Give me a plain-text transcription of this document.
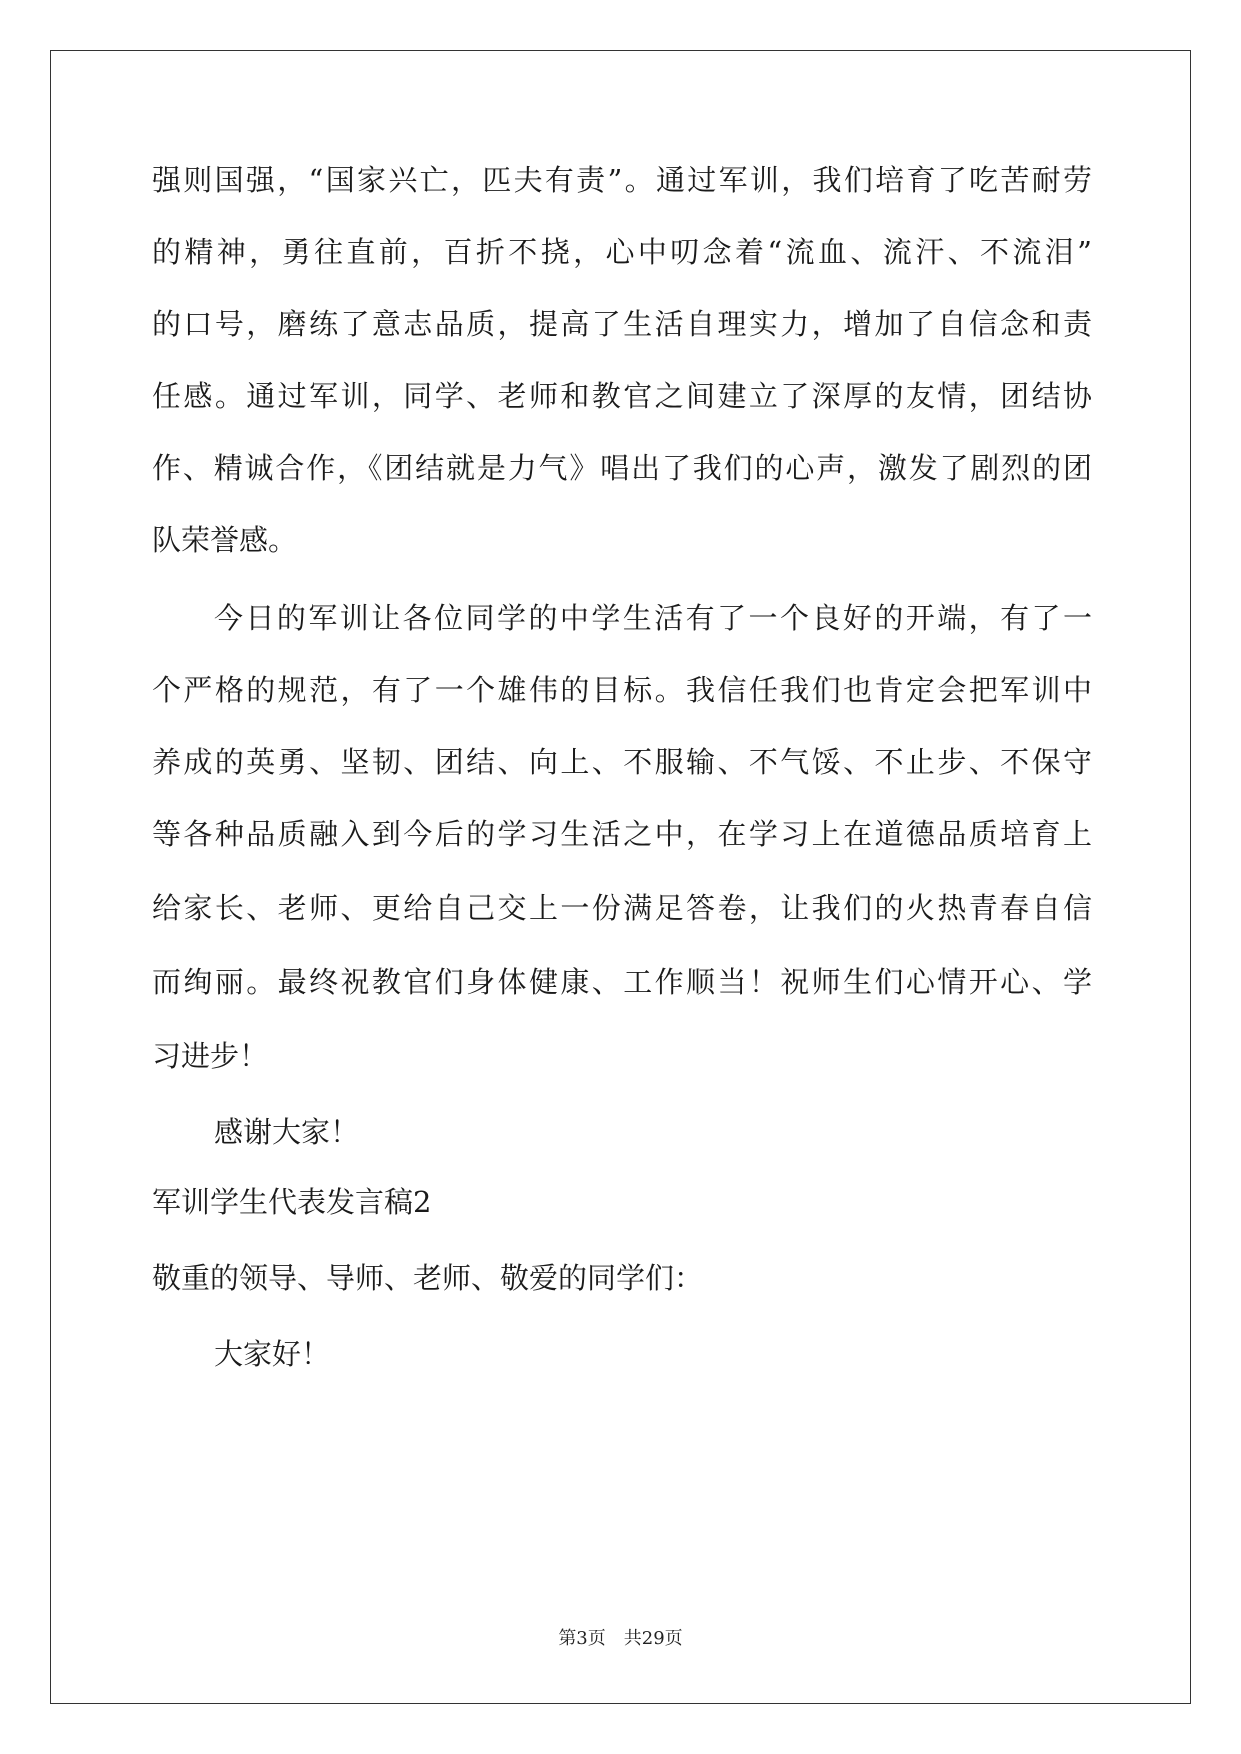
强则国强，“国家兴亡，匹夫有责”。通过军训，我们培育了吃苦耐劳
的精神，勇往直前，百折不挠，心中叨念着“流血、流汗、不流泪”
的口号，磨练了意志品质，提高了生活自理实力，增加了自信念和责
任感。通过军训，同学、老师和教官之间建立了深厚的友情，团结协
作、精诚合作，《团结就是力气》唱出了我们的心声，激发了剧烈的团
队荣誉感。
今日的军训让各位同学的中学生活有了一个良好的开端，有了一
个严格的规范，有了一个雄伟的目标。我信任我们也肯定会把军训中
养成的英勇、坚韧、团结、向上、不服输、不气馁、不止步、不保守
等各种品质融入到今后的学习生活之中，在学习上在道德品质培育上
给家长、老师、更给自己交上一份满足答卷，让我们的火热青春自信
而绚丽。最终祝教官们身体健康、工作顺当！祝师生们心情开心、学
习进步！
感谢大家！
军训学生代表发言稿2
敬重的领导、导师、老师、敬爱的同学们：
大家好！
第3页　共29页
